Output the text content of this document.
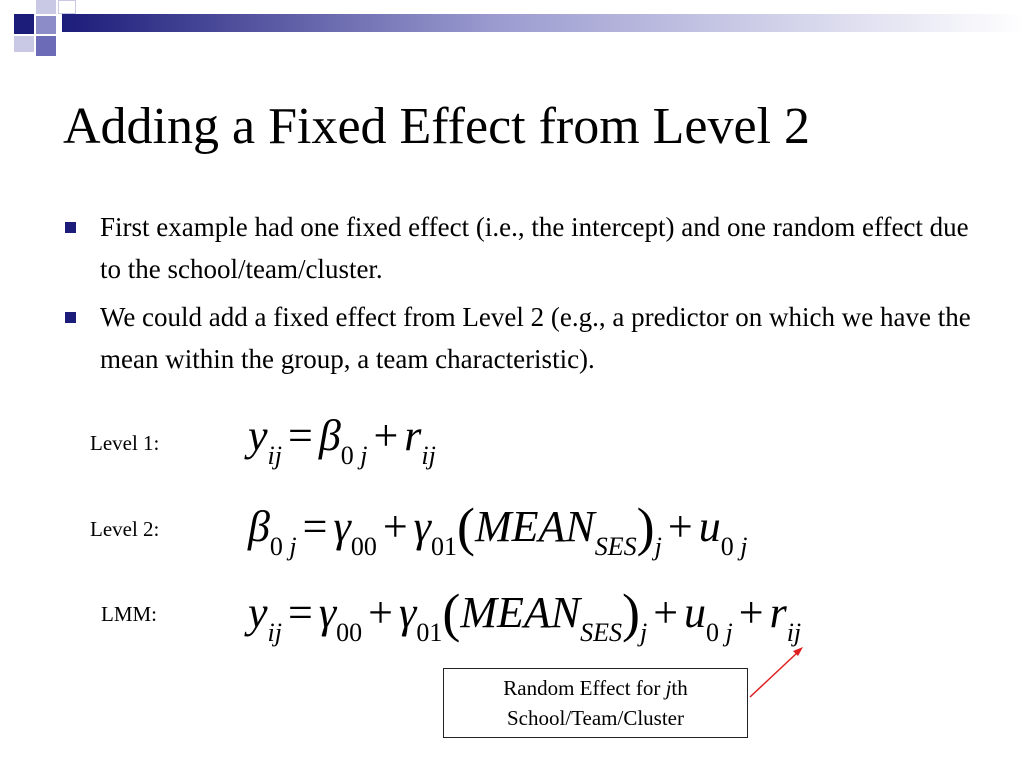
Adding a Fixed Effect from Level 2
First example had one fixed effect (i.e., the intercept) and one random effect due to the school/team/cluster.
We could add a fixed effect from Level 2 (e.g., a predictor on which we have the mean within the group, a team characteristic).
Level 1:
Level 2:
LMM:
$y_{ij} = \beta_0$ $_j + r_{ij}$
$\beta_0$ $_j = \gamma_{00}$ + $\gamma_{01}(MEAN_{SES})_j + u_0$ $_j$
$y_{ij} = \gamma_{00}$ + $\gamma_{01}(MEAN_{SES})_j + u_0$ $_j + r_{ij}$
Random Effect for jth
School/Team/Cluster
